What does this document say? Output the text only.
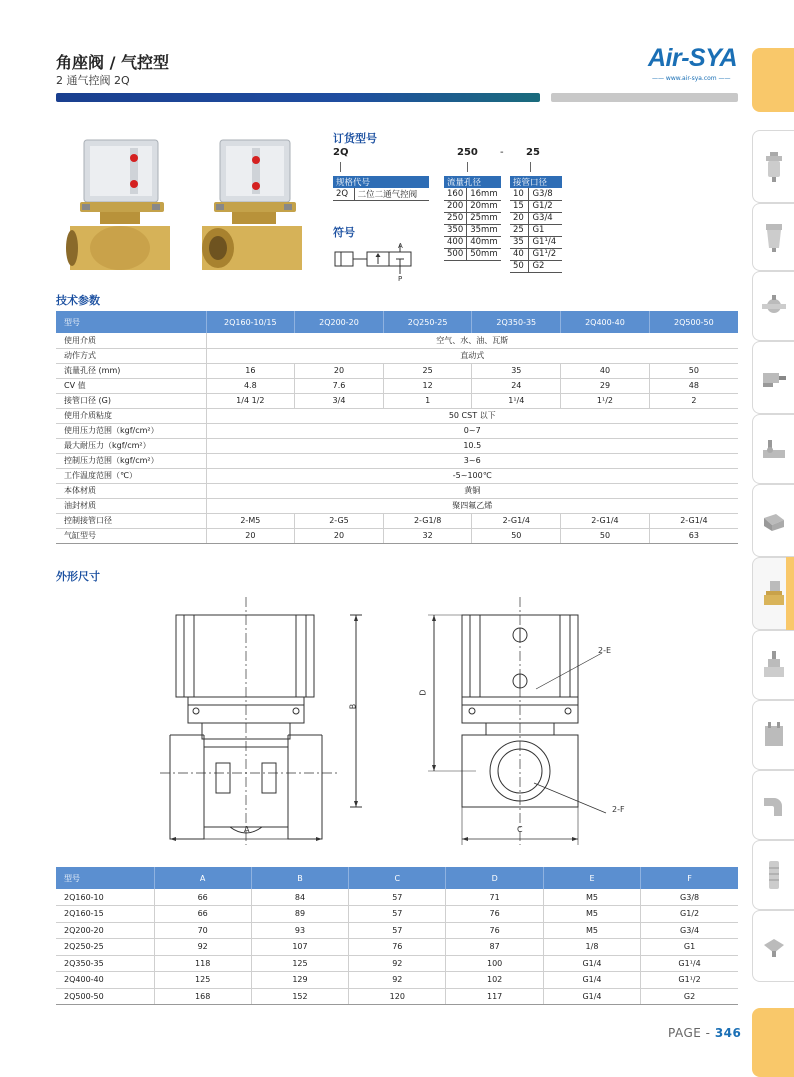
角座阀 / 气控型
2 通气控阀 2Q
Air-SYA
—— www.air-sya.com ——
订货型号
2Q	250 - 25
规格代号
2Q	二位二通气控阀
流量孔径	
160	16mm
200	20mm
250	25mm
350	35mm
400	40mm
500	50mm
接管口径	
10	G3/8
15	G1/2
20	G3/4
25	G1
35	G1¹/4
40	G1¹/2
50	G2
符号
A
P
技术参数
型号	2Q160-10/15	2Q200-20	2Q250-25	2Q350-35	2Q400-40	2Q500-50
使用介质	空气、水、油、瓦斯					
动作方式	直动式					
流量孔径 (mm)	16	20	25	35	40	50
CV 值	4.8	7.6	12	24	29	48
接管口径 (G)	1/4 1/2	3/4	1	1¹/4	1¹/2	2
使用介质粘度	50 CST 以下					
使用压力范围（kgf/cm²）	0~7					
最大耐压力（kgf/cm²）	10.5					
控制压力范围（kgf/cm²）	3~6					
工作温度范围（℃）	-5~100℃					
本体材质	黄铜					
油封材质	聚四氟乙烯					
控制接管口径	2-M5	2-G5	2-G1/8	2-G1/4	2-G1/4	2-G1/4
气缸型号	20	20	32	50	50	63
外形尺寸
B
A
D
C
2-E
2-F
型号	A	B	C	D	E	F
2Q160-10	66	84	57	71	M5	G3/8
2Q160-15	66	89	57	76	M5	G1/2
2Q200-20	70	93	57	76	M5	G3/4
2Q250-25	92	107	76	87	1/8	G1
2Q350-35	118	125	92	100	G1/4	G1¹/4
2Q400-40	125	129	92	102	G1/4	G1¹/2
2Q500-50	168	152	120	117	G1/4	G2
PAGE - 346
